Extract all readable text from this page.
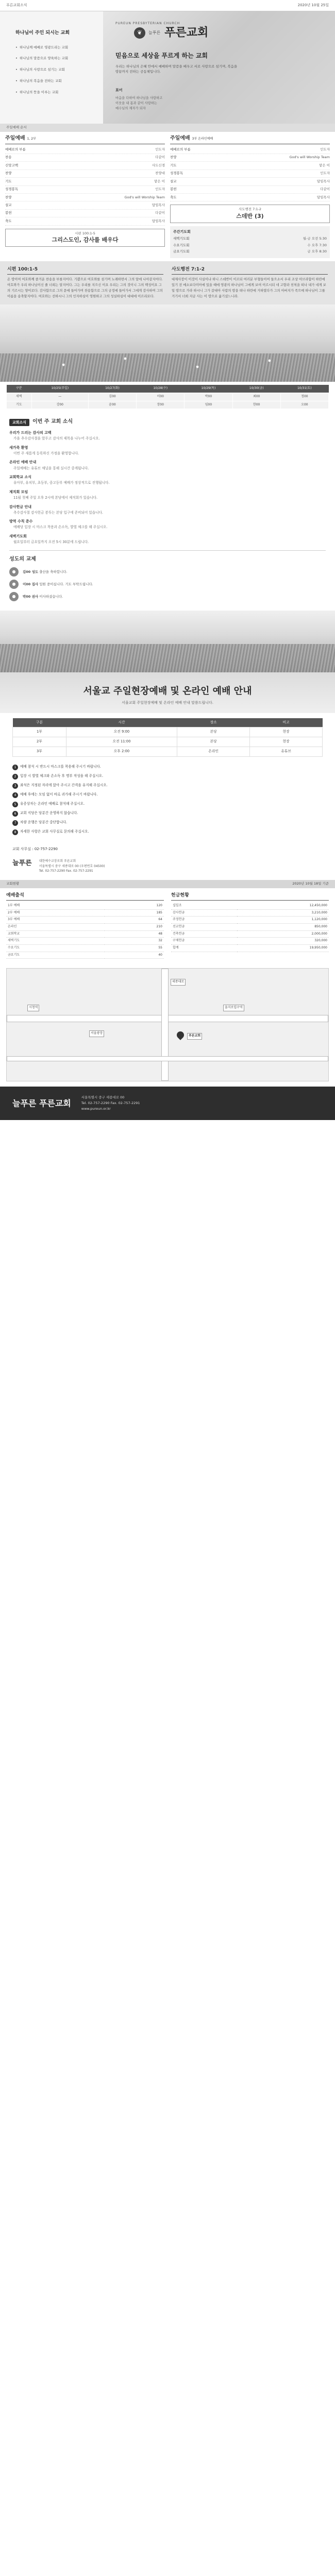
푸른교회소식	2020년 10월 25일
하나님이 주인 되시는 교회
• 하나님께 예배로 영광드리는 교회
• 하나님의 말씀으로 양육하는 교회
• 하나님의 사랑으로 섬기는 교회
• 하나님의 복음을 전하는 교회
• 하나님의 뜻을 이루는 교회
PUREUN PRESBYTERIAN CHURCH
❦	늘푸른 푸른교회
믿음으로 세상을 푸르게 하는 교회

우리는 하나님의 은혜 안에서 예배하며 말씀을 배우고 서로 사랑으로 섬기며, 복음을 땅끝까지 전하는 공동체입니다.

표어

마음을 다하여 하나님을 사랑하고

이웃을 내 몸과 같이 사랑하는

예수님의 제자가 되자

주일예배 순서
주일예배 1, 2부
예배로의 부름	인도자
찬송	다같이
신앙고백	사도신경
찬양	찬양대
기도	맡은 이
성경봉독	인도자
찬양	God's will Worship Team
설교	담임목사
봉헌	다같이
축도	담임목사
시편 100:1-5
그리스도인, 감사를 배우다
주일예배 3부 온라인예배
예배로의 부름	인도자
찬양	God's will Worship Team
기도	맡은 이
성경봉독	인도자
설교	담임목사
봉헌	다같이
축도	담임목사
사도행전 7:1-2
스데반 (3)
주간기도회
새벽기도회	월-금 오전 5:30
수요기도회	수 오후 7:30
금요기도회	금 오후 8:30
시편 100:1-5
온 땅이여 여호와께 즐거운 찬송을 부를지어다. 기쁨으로 여호와를 섬기며 노래하면서 그의 앞에 나아갈지어다. 여호와가 우리 하나님이신 줄 너희는 알지어다. 그는 우리를 지으신 이요 우리는 그의 것이니 그의 백성이요 그의 기르시는 양이로다. 감사함으로 그의 문에 들어가며 찬송함으로 그의 궁정에 들어가서 그에게 감사하며 그의 이름을 송축할지어다. 여호와는 선하시니 그의 인자하심이 영원하고 그의 성실하심이 대대에 이르리로다.
사도행전 7:1-2
대제사장이 이것이 사실이냐 하니 스데반이 이르되 여러분 부형들이여 들으소서 우리 조상 아브라함이 하란에 있기 전 메소보다미아에 있을 때에 영광의 하나님이 그에게 보여 이르시되 네 고향과 친척을 떠나 내가 네게 보일 땅으로 가라 하시니 그가 갈대아 사람의 땅을 떠나 하란에 거하였다가 그의 아버지가 죽으매 하나님이 그를 거기서 너희 지금 사는 이 땅으로 옮기셨느니라.
구분	10/25(주일)	10/27(화)	10/28(수)	10/29(목)	10/30(금)	10/31(토)
새벽	—	김00	이00	박00	최00	정00
기도	강00	윤00	장00	임00	한00	오00
교회소식	이번 주 교회 소식
우리가 드리는 감사의 고백
가을 추수감사절을 앞두고 감사의 제목을 나누어 주십시오.
새가족 환영
이번 주 새롭게 등록하신 가정을 환영합니다.
온라인 예배 안내
주일예배는 유튜브 채널을 통해 실시간 중계됩니다.
교회학교 소식
유아부, 유치부, 초등부, 중고등부 예배가 정상적으로 진행됩니다.
제직회 모임
11월 첫째 주일 오후 2시에 본당에서 제직회가 있습니다.
감사헌금 안내
추수감사절 감사헌금 봉투는 본당 입구에 준비되어 있습니다.
방역 수칙 준수
예배당 입장 시 마스크 착용과 손소독, 발열 체크를 해 주십시오.
새벽기도회
월요일부터 금요일까지 오전 5시 30분에 드립니다.
성도의 교제
●	김00 성도 출산을 축하합니다.
●	이00 집사 입원 중이십니다. 기도 부탁드립니다.
●	박00 권사 이사하셨습니다.
서울교 주일현장예배 및 온라인 예배 안내

서울교회 주일현장예배 및 온라인 예배 안내 말씀드립니다.

구분	시간	장소	비고
1부	오전 9:00	본당	현장
2부	오전 11:00	본당	현장
3부	오후 2:00	온라인	유튜브
1	예배 참석 시 반드시 마스크를 착용해 주시기 바랍니다.
2	입장 시 발열 체크와 손소독 후 명부 작성을 해 주십시오.
3	좌석은 지정된 자리에 앉아 주시고 간격을 유지해 주십시오.
4	예배 후에는 모임 없이 바로 귀가해 주시기 바랍니다.
5	유증상자는 온라인 예배로 참석해 주십시오.
6	교회 식당은 당분간 운영하지 않습니다.
7	차량 운행은 당분간 중단합니다.
8	자세한 사항은 교회 사무실로 문의해 주십시오.
교회 사무실 : 02-757-2290
늘푸른 대한예수교장로회 푸른교회
서울특별시 중구 세종대로 00 (우편번호 04500)
Tel. 02-757-2290 Fax. 02-757-2291
교회현황	2020년 10월 18일 기준
예배출석
1부 예배	120
2부 예배	185
3부 예배	64
온라인	210
교회학교	48
새벽기도	32
수요기도	55
금요기도	40
헌금현황
십일조	12,450,000
감사헌금	3,210,000
주정헌금	1,120,000
선교헌금	850,000
건축헌금	2,000,000
구제헌금	320,000
합계	19,950,000
시청역	을지로입구역
서울광장
푸른교회
세종대로
늘푸른 푸른교회
서울특별시 중구 세종대로 00
Tel. 02-757-2290 Fax. 02-757-2291
www.pureun.or.kr
